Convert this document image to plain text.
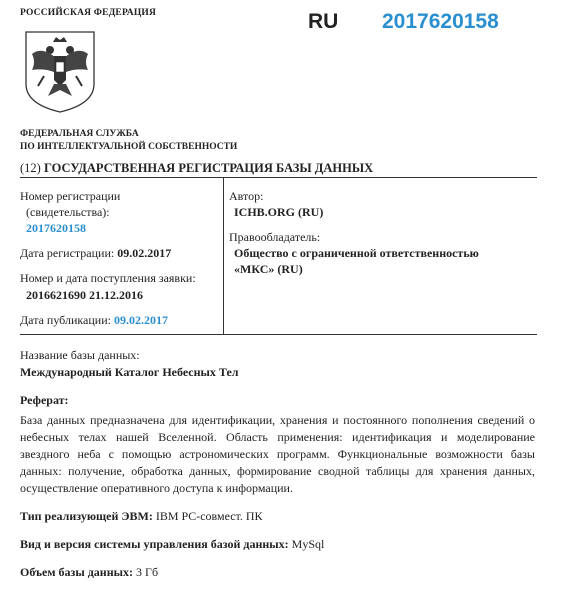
РОССИЙСКАЯ ФЕДЕРАЦИЯ	RU 2017620158
ФЕДЕРАЛЬНАЯ СЛУЖБА
ПО ИНТЕЛЛЕКТУАЛЬНОЙ СОБСТВЕННОСТИ
(12) ГОСУДАРСТВЕННАЯ РЕГИСТРАЦИЯ БАЗЫ ДАННЫХ
Номер регистрации
(свидетельства):
2017620158
Дата регистрации: 09.02.2017
Номер и дата поступления заявки:
2016621690 21.12.2016
Дата публикации: 09.02.2017
Автор:
ICHB.ORG (RU)
Правообладатель:
Общество с ограниченной ответственностью
«МКС» (RU)
Название базы данных:
Международный Каталог Небесных Тел
Реферат:
База данных предназначена для идентификации, хранения и постоянного пополнения сведений о небесных телах нашей Вселенной. Область применения: идентификация и моделирование звездного неба с помощью астрономических программ. Функциональные возможности базы данных: получение, обработка данных, формирование сводной таблицы для хранения данных, осуществление оперативного доступа к информации.
Тип реализующей ЭВМ: IBM PC-совмест. ПК
Вид и версия системы управления базой данных: MySql
Объем базы данных: 3 Гб
